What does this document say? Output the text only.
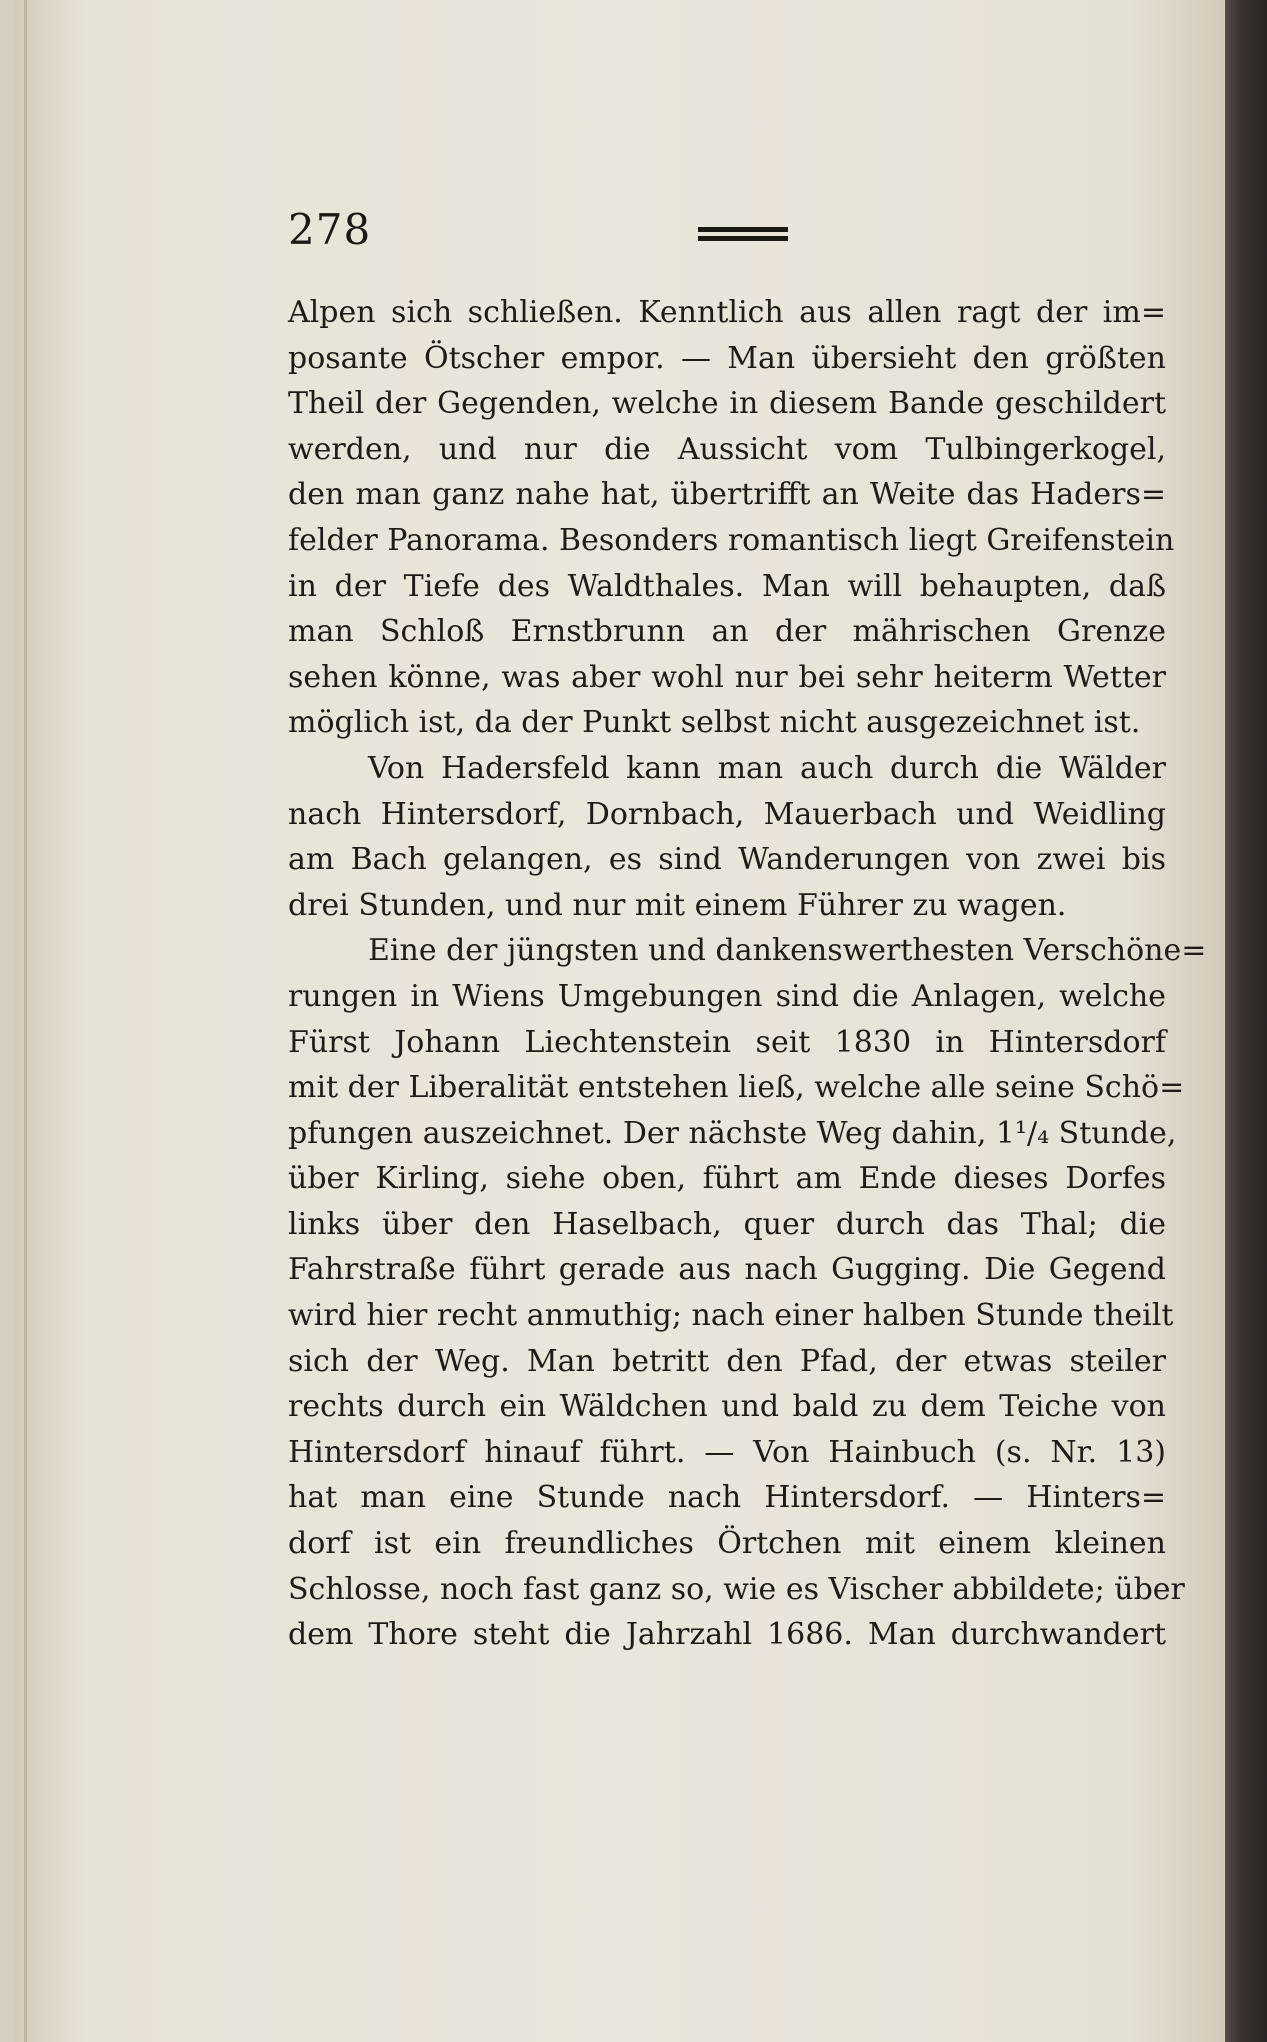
278
Alpen sich schließen. Kenntlich aus allen ragt der im=
posante Ötscher empor. — Man übersieht den größten
Theil der Gegenden, welche in diesem Bande geschildert
werden, und nur die Aussicht vom Tulbingerkogel,
den man ganz nahe hat, übertrifft an Weite das Haders=
felder Panorama. Besonders romantisch liegt Greifenstein
in der Tiefe des Waldthales. Man will behaupten, daß
man Schloß Ernstbrunn an der mährischen Grenze
sehen könne, was aber wohl nur bei sehr heiterm Wetter
möglich ist, da der Punkt selbst nicht ausgezeichnet ist.
Von Hadersfeld kann man auch durch die Wälder
nach Hintersdorf, Dornbach, Mauerbach und Weidling
am Bach gelangen, es sind Wanderungen von zwei bis
drei Stunden, und nur mit einem Führer zu wagen.
Eine der jüngsten und dankenswerthesten Verschöne=
rungen in Wiens Umgebungen sind die Anlagen, welche
Fürst Johann Liechtenstein seit 1830 in Hintersdorf
mit der Liberalität entstehen ließ, welche alle seine Schö=
pfungen auszeichnet. Der nächste Weg dahin, 1¹/₄ Stunde,
über Kirling, siehe oben, führt am Ende dieses Dorfes
links über den Haselbach, quer durch das Thal; die
Fahrstraße führt gerade aus nach Gugging. Die Gegend
wird hier recht anmuthig; nach einer halben Stunde theilt
sich der Weg. Man betritt den Pfad, der etwas steiler
rechts durch ein Wäldchen und bald zu dem Teiche von
Hintersdorf hinauf führt. — Von Hainbuch (s. Nr. 13)
hat man eine Stunde nach Hintersdorf. — Hinters=
dorf ist ein freundliches Örtchen mit einem kleinen
Schlosse, noch fast ganz so, wie es Vischer abbildete; über
dem Thore steht die Jahrzahl 1686. Man durchwandert
